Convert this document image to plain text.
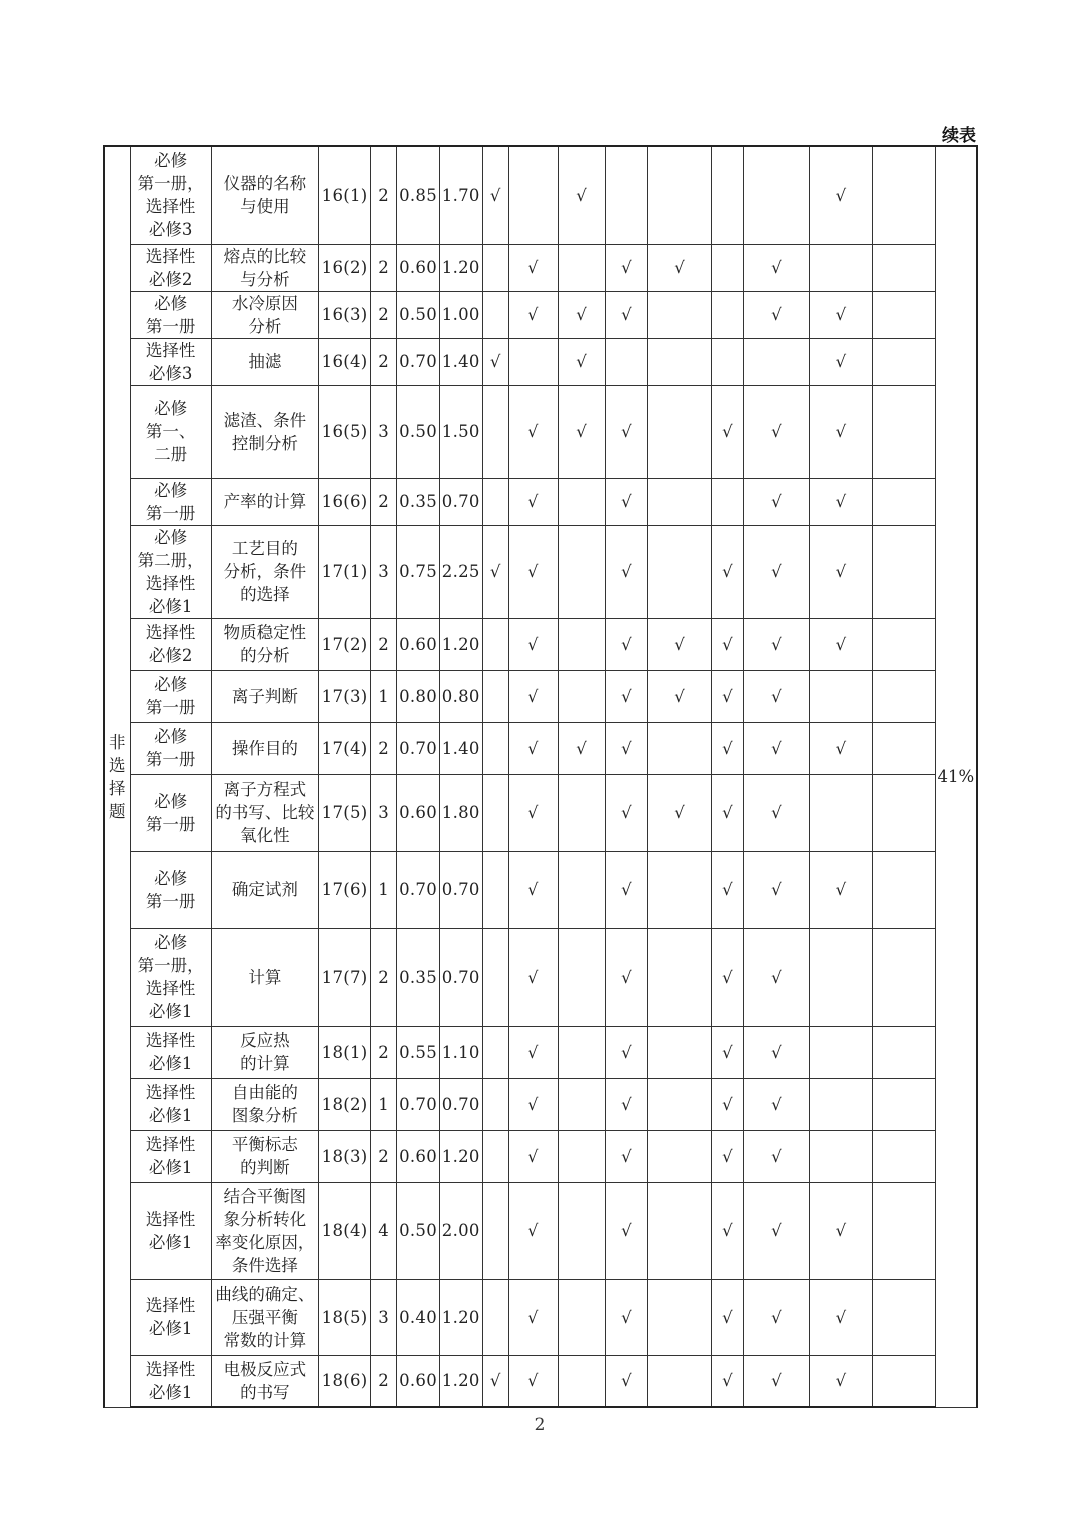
续表
非
选
择
题	必修
第一册，
选择性
必修3	仪器的名称
与使用	16(1)	2	0.85	1.70	√		√					√		41%
	选择性
必修2	熔点的比较
与分析	16(2)	2	0.60	1.20		√		√	√		√			
	必修
第一册	水冷原因
分析	16(3)	2	0.50	1.00		√	√	√			√	√		
	选择性
必修3	抽滤	16(4)	2	0.70	1.40	√		√					√		
	必修
第一、
二册	滤渣、条件
控制分析	16(5)	3	0.50	1.50		√	√	√		√	√	√		
	必修
第一册	产率的计算	16(6)	2	0.35	0.70		√		√			√	√		
	必修
第二册，
选择性
必修1	工艺目的
分析，条件
的选择	17(1)	3	0.75	2.25	√	√		√		√	√	√		
	选择性
必修2	物质稳定性
的分析	17(2)	2	0.60	1.20		√		√	√	√	√	√		
	必修
第一册	离子判断	17(3)	1	0.80	0.80		√		√	√	√	√			
	必修
第一册	操作目的	17(4)	2	0.70	1.40		√	√	√		√	√	√		
	必修
第一册	离子方程式
的书写、比较
氧化性	17(5)	3	0.60	1.80		√		√	√	√	√			
	必修
第一册	确定试剂	17(6)	1	0.70	0.70		√		√		√	√	√		
	必修
第一册，
选择性
必修1	计算	17(7)	2	0.35	0.70		√		√		√	√			
	选择性
必修1	反应热
的计算	18(1)	2	0.55	1.10		√		√		√	√			
	选择性
必修1	自由能的
图象分析	18(2)	1	0.70	0.70		√		√		√	√			
	选择性
必修1	平衡标志
的判断	18(3)	2	0.60	1.20		√		√		√	√			
	选择性
必修1	结合平衡图
象分析转化
率变化原因，
条件选择	18(4)	4	0.50	2.00		√		√		√	√	√		
	选择性
必修1	曲线的确定、
压强平衡
常数的计算	18(5)	3	0.40	1.20		√		√		√	√	√		
	选择性
必修1	电极反应式
的书写	18(6)	2	0.60	1.20	√	√		√		√	√	√		
2
